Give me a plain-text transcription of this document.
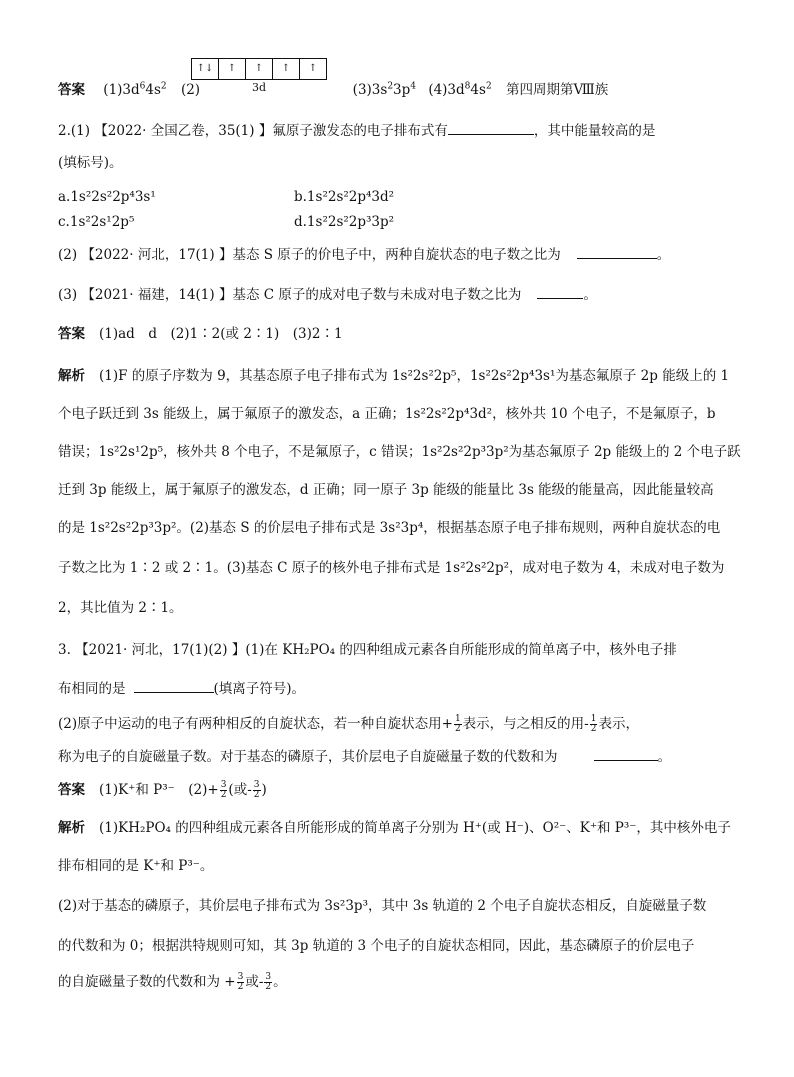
↑↓	↑	↑	↑	↑
3d
答案 $(1)3d^64s^2$ (2)	$(3)3s^23p^4$ $(4)3d^84s^2$ 第四周期第Ⅷ族
2.(1) 【2022· 全国乙卷，35(1) 】氟原子激发态的电子排布式有	，其中能量较高的是
(填标号)。
a.1s²2s²2p⁴3s¹	b.1s²2s²2p⁴3d²
c.1s²2s¹2p⁵	d.1s²2s²2p³3p²
(2) 【2022· 河北，17(1) 】基态 S 原子的价电子中，两种自旋状态的电子数之比为	。
(3) 【2021· 福建，14(1) 】基态 C 原子的成对电子数与未成对电子数之比为	。
答案 (1)ad　d　(2)1∶2(或 2∶1)　(3)2∶1
解析 (1)F 的原子序数为 9，其基态原子电子排布式为 1s²2s²2p⁵，1s²2s²2p⁴3s¹为基态氟原子 2p 能级上的 1
个电子跃迁到 3s 能级上，属于氟原子的激发态，a 正确；1s²2s²2p⁴3d²，核外共 10 个电子，不是氟原子，b
错误；1s²2s¹2p⁵，核外共 8 个电子，不是氟原子，c 错误；1s²2s²2p³3p²为基态氟原子 2p 能级上的 2 个电子跃
迁到 3p 能级上，属于氟原子的激发态，d 正确；同一原子 3p 能级的能量比 3s 能级的能量高，因此能量较高
的是 1s²2s²2p³3p²。(2)基态 S 的价层电子排布式是 3s²3p⁴，根据基态原子电子排布规则，两种自旋状态的电
子数之比为 1∶2 或 2∶1。(3)基态 C 原子的核外电子排布式是 1s²2s²2p²，成对电子数为 4，未成对电子数为
2，其比值为 2∶1。
3. 【2021· 河北，17(1)(2) 】(1)在 KH₂PO₄ 的四种组成元素各自所能形成的简单离子中，核外电子排
布相同的是	(填离子符号)。
(2)原子中运动的电子有两种相反的自旋状态，若一种自旋状态用+ $\frac{1}{2}$ 表示，与之相反的用- $\frac{1}{2}$ 表示，
称为电子的自旋磁量子数。对于基态的磷原子，其价层电子自旋磁量子数的代数和为	。
答案 (1)K⁺和 P³⁻　$(2)+ \frac{3}{2}$ (或- $\frac{3}{2}$ )
解析 (1)KH₂PO₄ 的四种组成元素各自所能形成的简单离子分别为 H⁺(或 H⁻)、O²⁻、K⁺和 P³⁻，其中核外电子
排布相同的是 K⁺和 P³⁻。
(2)对于基态的磷原子，其价层电子排布式为 3s²3p³，其中 3s 轨道的 2 个电子自旋状态相反，自旋磁量子数
的代数和为 0；根据洪特规则可知，其 3p 轨道的 3 个电子的自旋状态相同，因此，基态磷原子的价层电子
的自旋磁量子数的代数和为 + $\frac{3}{2}$ 或- $\frac{3}{2}$ 。
